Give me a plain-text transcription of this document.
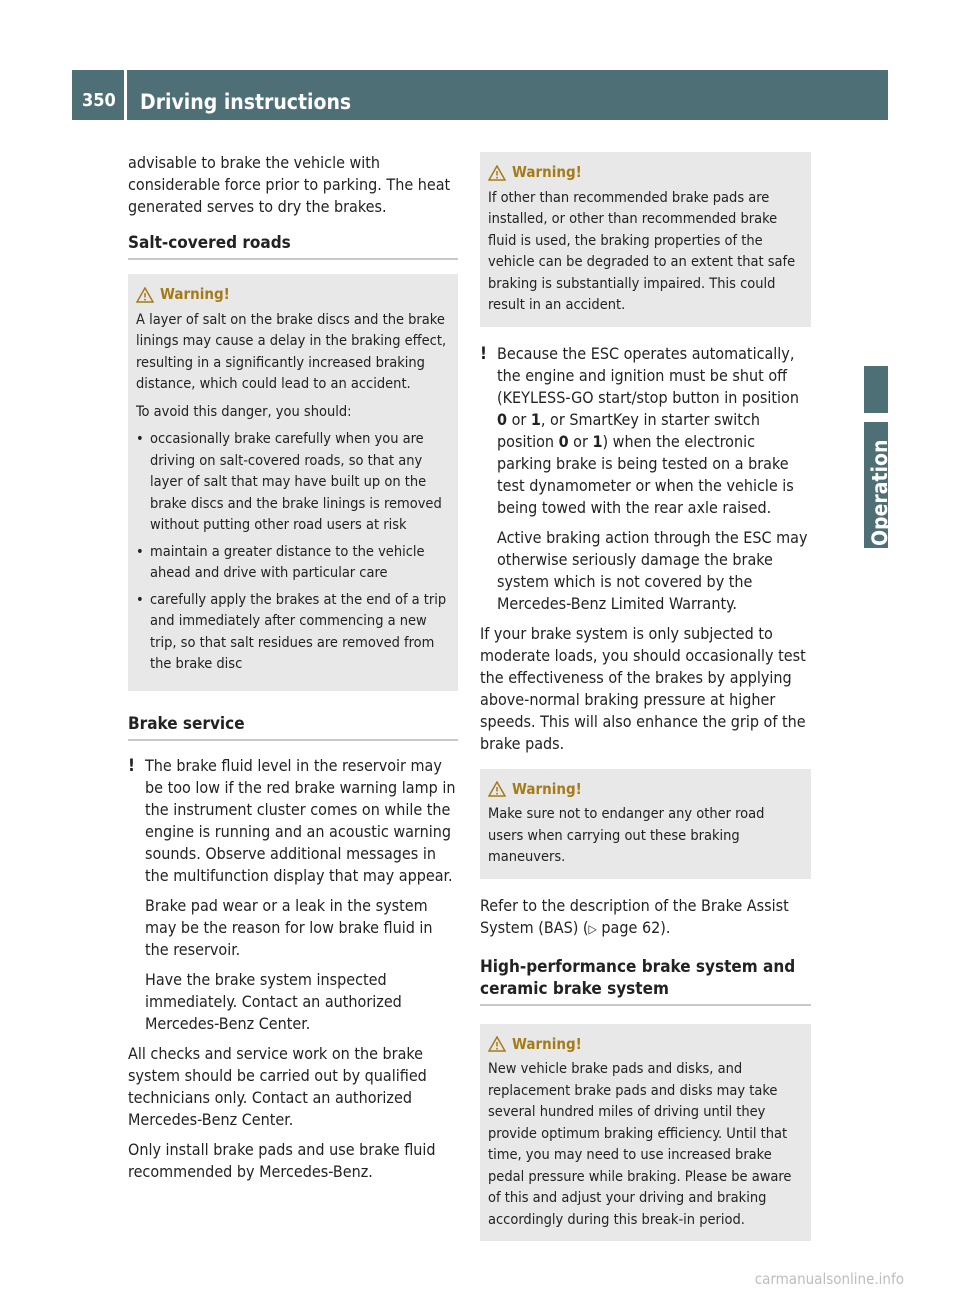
350 Driving instructions
Operation

advisable to brake the vehicle with considerable force prior to parking. The heat generated serves to dry the brakes.

Salt-covered roads
Warning!

A layer of salt on the brake discs and the brake linings may cause a delay in the braking effect, resulting in a significantly increased braking distance, which could lead to an accident.

To avoid this danger, you should:

• occasionally brake carefully when you are driving on salt-covered roads, so that any layer of salt that may have built up on the brake discs and the brake linings is removed without putting other road users at risk
• maintain a greater distance to the vehicle ahead and drive with particular care
• carefully apply the brakes at the end of a trip and immediately after commencing a new trip, so that salt residues are removed from the brake disc
Brake service
! The brake fluid level in the reservoir may be too low if the red brake warning lamp in the instrument cluster comes on while the engine is running and an acoustic warning sounds. Observe additional messages in the multifunction display that may appear.

Brake pad wear or a leak in the system may be the reason for low brake fluid in the reservoir.

Have the brake system inspected immediately. Contact an authorized Mercedes-Benz Center.

All checks and service work on the brake system should be carried out by qualified technicians only. Contact an authorized Mercedes-Benz Center.

Only install brake pads and use brake fluid recommended by Mercedes-Benz.

Warning!

If other than recommended brake pads are installed, or other than recommended brake fluid is used, the braking properties of the vehicle can be degraded to an extent that safe braking is substantially impaired. This could result in an accident.

! Because the ESC operates automatically, the engine and ignition must be shut off (KEYLESS-GO start/stop button in position 0 or 1, or SmartKey in starter switch position 0 or 1) when the electronic parking brake is being tested on a brake test dynamometer or when the vehicle is being towed with the rear axle raised.

Active braking action through the ESC may otherwise seriously damage the brake system which is not covered by the Mercedes-Benz Limited Warranty.

If your brake system is only subjected to moderate loads, you should occasionally test the effectiveness of the brakes by applying above-normal braking pressure at higher speeds. This will also enhance the grip of the brake pads.

Warning!

Make sure not to endanger any other road users when carrying out these braking maneuvers.

Refer to the description of the Brake Assist System (BAS) (▷ page 62).

High-performance brake system and ceramic brake system
Warning!

New vehicle brake pads and disks, and replacement brake pads and disks may take several hundred miles of driving until they provide optimum braking efficiency. Until that time, you may need to use increased brake pedal pressure while braking. Please be aware of this and adjust your driving and braking accordingly during this break-in period.

carmanualsonline.info
